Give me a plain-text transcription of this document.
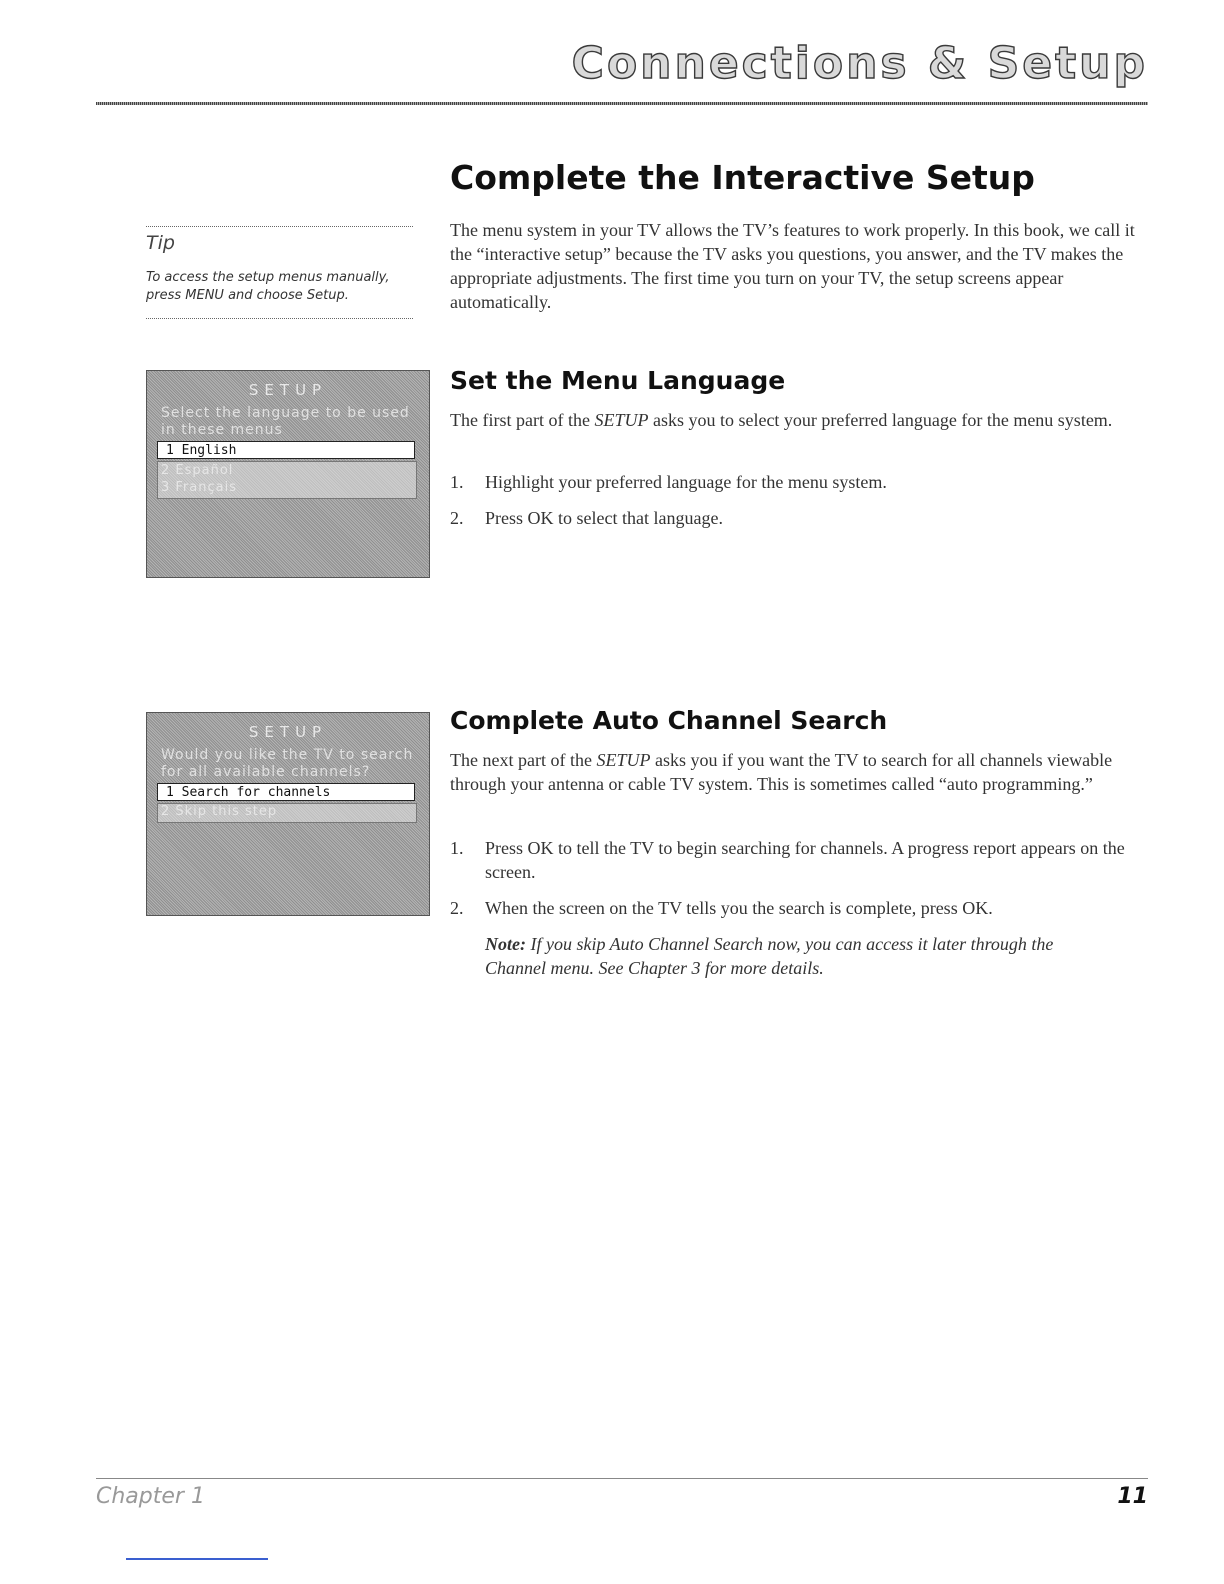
Connections & Setup
Complete the Interactive Setup
The menu system in your TV allows the TV’s features to work properly. In this book, we call it the “interactive setup” because the TV asks you questions, you answer, and the TV makes the appropriate adjustments. The first time you turn on your TV, the setup screens appear automatically.
Tip
To access the setup menus manually, press MENU and choose Setup.
Set the Menu Language
The first part of the SETUP asks you to select your preferred language for the menu system.
1. Highlight your preferred language for the menu system.
2. Press OK to select that language.
SETUP
Select the language to be used in these menus
1 English
2 Español
3 Français
Complete Auto Channel Search
The next part of the SETUP asks you if you want the TV to search for all channels viewable through your antenna or cable TV system. This is sometimes called “auto programming.”
1. Press OK to tell the TV to begin searching for channels. A progress report appears on the screen.
2. When the screen on the TV tells you the search is complete, press OK.
Note: If you skip Auto Channel Search now, you can access it later through the Channel menu. See Chapter 3 for more details.
SETUP
Would you like the TV to search for all available channels?
1 Search for channels
2 Skip this step
Chapter 1	11
